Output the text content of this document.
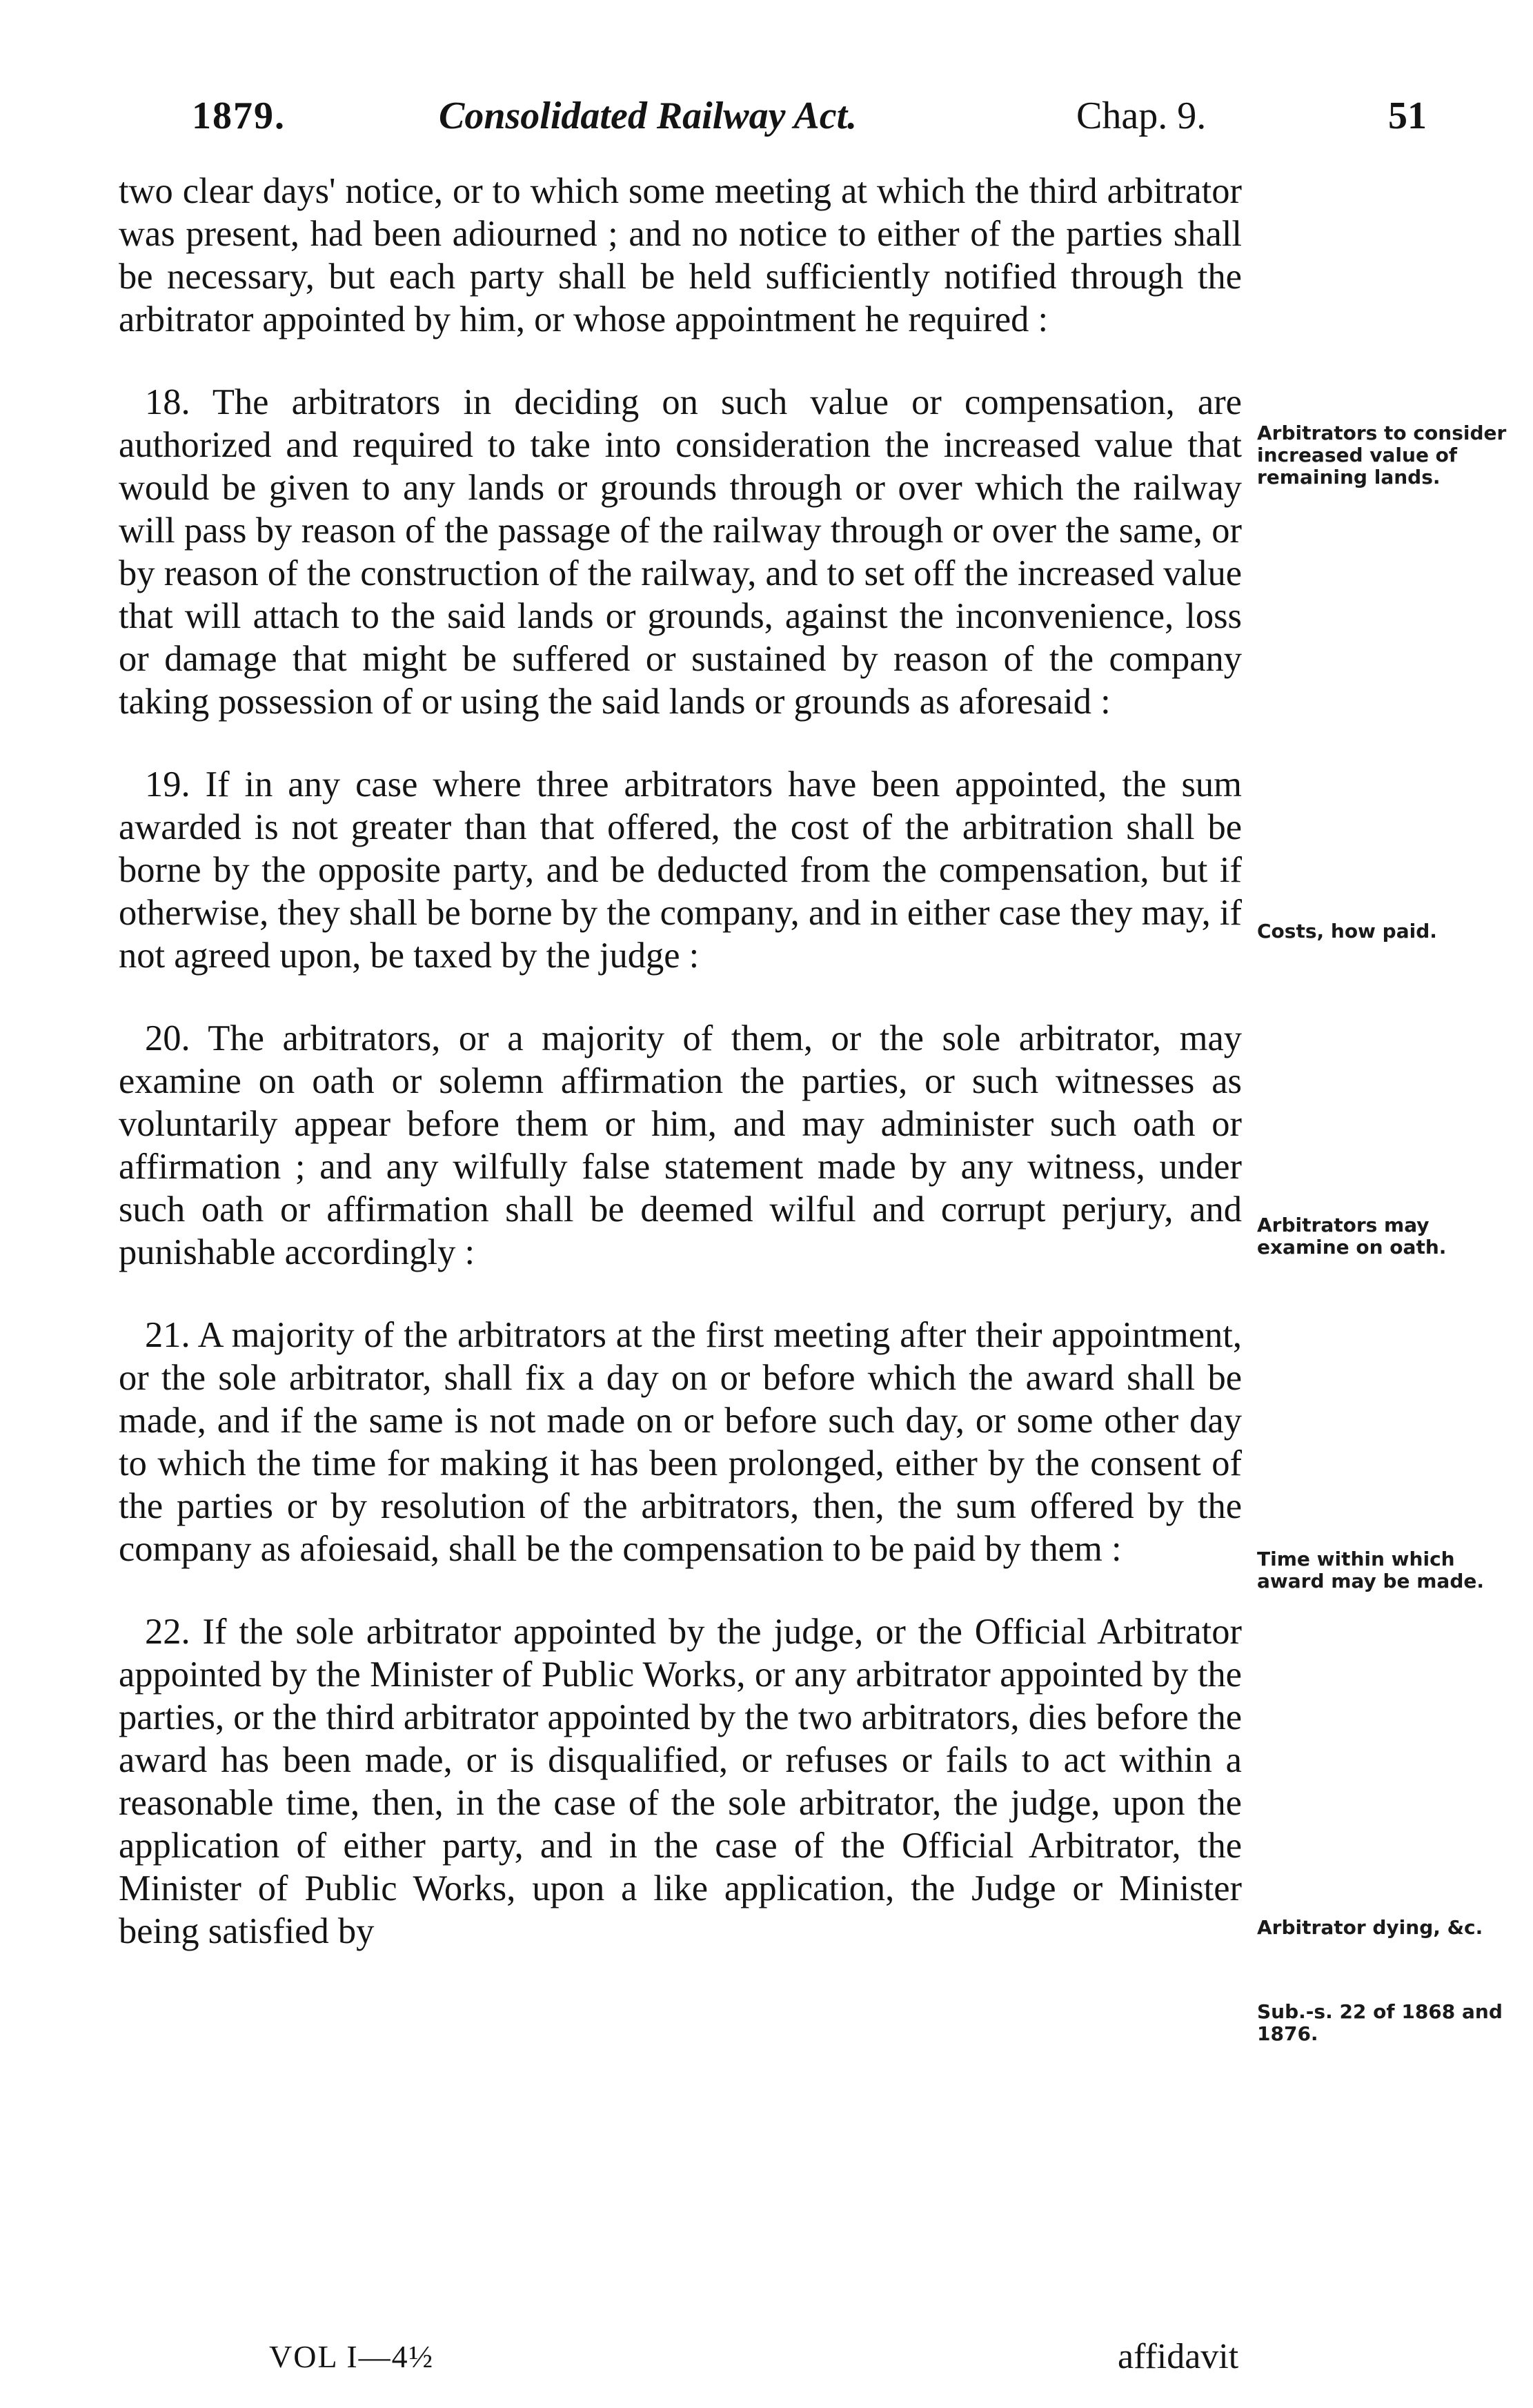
1879.	Consolidated Railway Act.	Chap. 9.	51

two clear days' notice, or to which some meeting at which the third arbitrator was present, had been adiourned ; and no notice to either of the parties shall be necessary, but each party shall be held sufficiently notified through the arbitrator appointed by him, or whose appointment he required :

18. The arbitrators in deciding on such value or compensation, are authorized and required to take into consideration the increased value that would be given to any lands or grounds through or over which the railway will pass by reason of the passage of the railway through or over the same, or by reason of the construction of the railway, and to set off the increased value that will attach to the said lands or grounds, against the inconvenience, loss or damage that might be suffered or sustained by reason of the company taking possession of or using the said lands or grounds as aforesaid :

19. If in any case where three arbitrators have been appointed, the sum awarded is not greater than that offered, the cost of the arbitration shall be borne by the opposite party, and be deducted from the compensation, but if otherwise, they shall be borne by the company, and in either case they may, if not agreed upon, be taxed by the judge :

20. The arbitrators, or a majority of them, or the sole arbitrator, may examine on oath or solemn affirmation the parties, or such witnesses as voluntarily appear before them or him, and may administer such oath or affirmation ; and any wilfully false statement made by any witness, under such oath or affirmation shall be deemed wilful and corrupt perjury, and punishable accordingly :

21. A majority of the arbitrators at the first meeting after their appointment, or the sole arbitrator, shall fix a day on or before which the award shall be made, and if the same is not made on or before such day, or some other day to which the time for making it has been prolonged, either by the consent of the parties or by resolution of the arbitrators, then, the sum offered by the company as afoiesaid, shall be the compensation to be paid by them :

22. If the sole arbitrator appointed by the judge, or the Official Arbitrator appointed by the Minister of Public Works, or any arbitrator appointed by the parties, or the third arbitrator appointed by the two arbitrators, dies before the award has been made, or is disqualified, or refuses or fails to act within a reasonable time, then, in the case of the sole arbitrator, the judge, upon the application of either party, and in the case of the Official Arbitrator, the Minister of Public Works, upon a like application, the Judge or Minister being satisfied by

Arbitrators to consider increased value of remaining lands.
Costs, how paid.
Arbitrators may examine on oath.
Time within which award may be made.
Arbitrator dying, &c.
Sub.-s. 22 of 1868 and 1876.
VOL I—4½	affidavit
